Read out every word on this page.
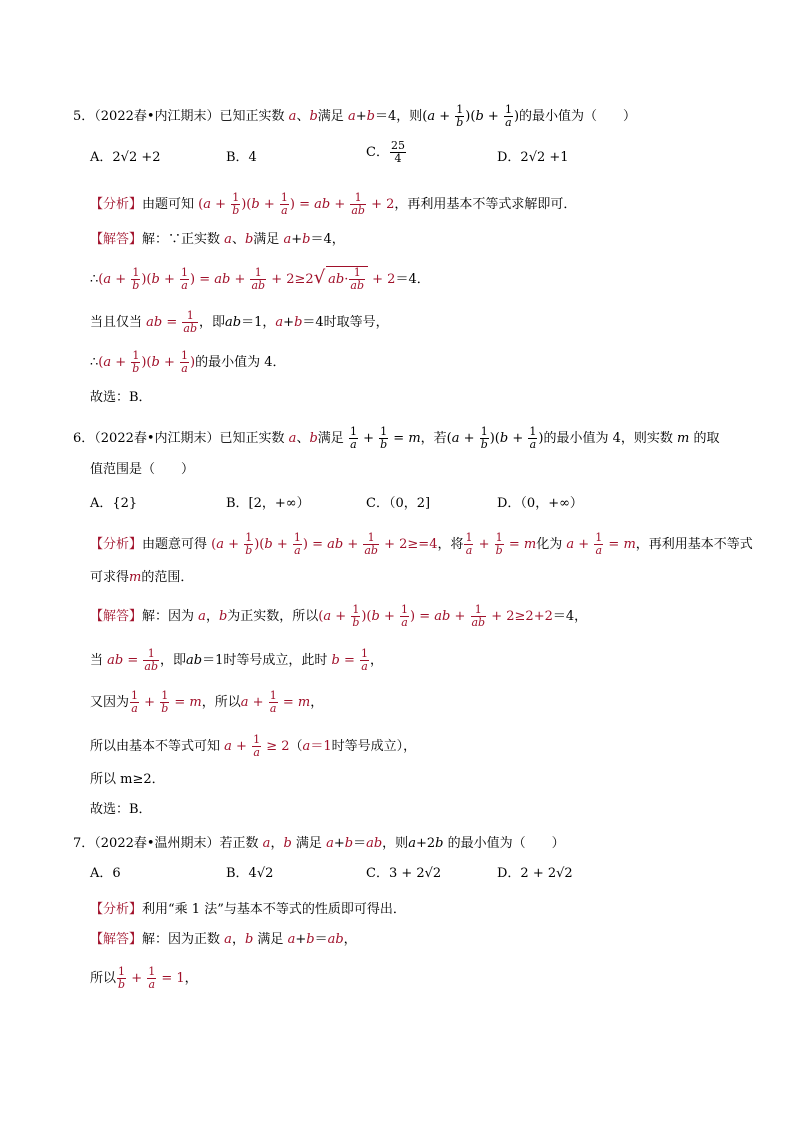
5．（2022春•内江期末）已知正实数 a、b满足 a+b＝4，则$(a + \frac{1}{b} )(b + \frac{1}{a}$ )的最小值为（　　）
A．2√2 +2	B．4	C． $\frac{25}{4}$	D．2√2 +1
【分析】由题可知 $(a + \frac{1}{b} )(b + \frac{1}{a}$ ) = ab + $\frac{1}{ab} + 2$，再利用基本不等式求解即可．
【解答】解：∵正实数 a、b满足 a+b＝4，
∴(a + $\frac{1}{b} )(b + \frac{1}{a}$ ) = ab + $\frac{1}{ab} + 2\ge 2√$ $ab\cdot \frac{1}{ab} + 2=4$．
当且仅当 ab = $\frac{1}{ab}$ ，即ab＝1，a+b＝4时取等号，
∴(a + $\frac{1}{b} )(b + \frac{1}{a}$ )的最小值为 4．
故选：B．
6．（2022春•内江期末）已知正实数 a、b满足 $\frac{1}{a} + \frac{1}{b} = m$，若$(a + \frac{1}{b} )(b + \frac{1}{a}$ )的最小值为 4，则实数 m 的取
值范围是（　　）
A．{2}	B．[2，+∞）	C．（0，2]	D．（0，+∞）
【分析】由题意可得 $(a + \frac{1}{b} )(b + \frac{1}{a}$ ) = ab + $\frac{1}{ab} + 2\ge=4$，将 $\frac{1}{a} + \frac{1}{b} = m$化为 $a + \frac{1}{a} = m$，再利用基本不等式
可求得m的范围．
【解答】解：因为 a，b为正实数，所以$(a + \frac{1}{b} )(b + \frac{1}{a}$ ) = ab + $\frac{1}{ab} + 2\ge 2+2=4$，
当 ab = $\frac{1}{ab}$ ，即ab＝1时等号成立，此时 $b = \frac{1}{a}$ ，
又因为 $\frac{1}{a} + \frac{1}{b} = m$，所以$a + \frac{1}{a} = m$，
所以由基本不等式可知 $a + \frac{1}{a} \ge 2(a=1$时等号成立），
所以 m≥2．
故选：B．
7．（2022春•温州期末）若正数 a，b 满足 a+b＝ab，则a+2b 的最小值为（　　）
A．6	B．4√2	C．3 + 2√2	D．2 + 2√2
【分析】利用“乘 1 法”与基本不等式的性质即可得出．
【解答】解：因为正数 a，b 满足 a+b＝ab，
所以 $\frac{1}{b} + \frac{1}{a} = 1$，
